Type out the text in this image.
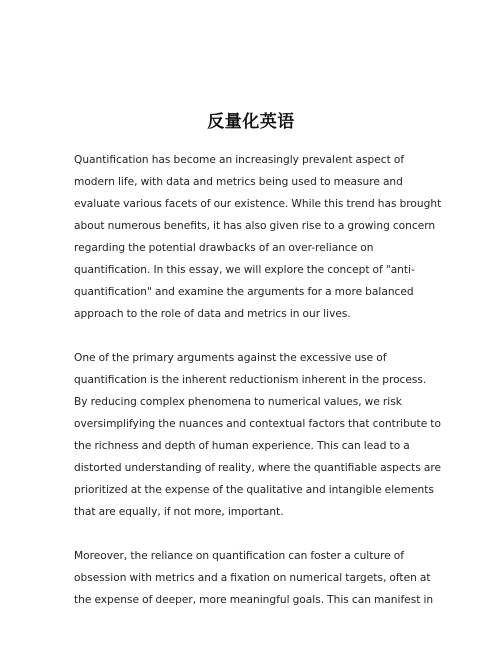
反量化英语
Quantification has become an increasingly prevalent aspect of
modern life, with data and metrics being used to measure and
evaluate various facets of our existence. While this trend has brought
about numerous benefits, it has also given rise to a growing concern
regarding the potential drawbacks of an over-reliance on
quantification. In this essay, we will explore the concept of "anti-
quantification" and examine the arguments for a more balanced
approach to the role of data and metrics in our lives.
One of the primary arguments against the excessive use of
quantification is the inherent reductionism inherent in the process.
By reducing complex phenomena to numerical values, we risk
oversimplifying the nuances and contextual factors that contribute to
the richness and depth of human experience. This can lead to a
distorted understanding of reality, where the quantifiable aspects are
prioritized at the expense of the qualitative and intangible elements
that are equally, if not more, important.
Moreover, the reliance on quantification can foster a culture of
obsession with metrics and a fixation on numerical targets, often at
the expense of deeper, more meaningful goals. This can manifest in
